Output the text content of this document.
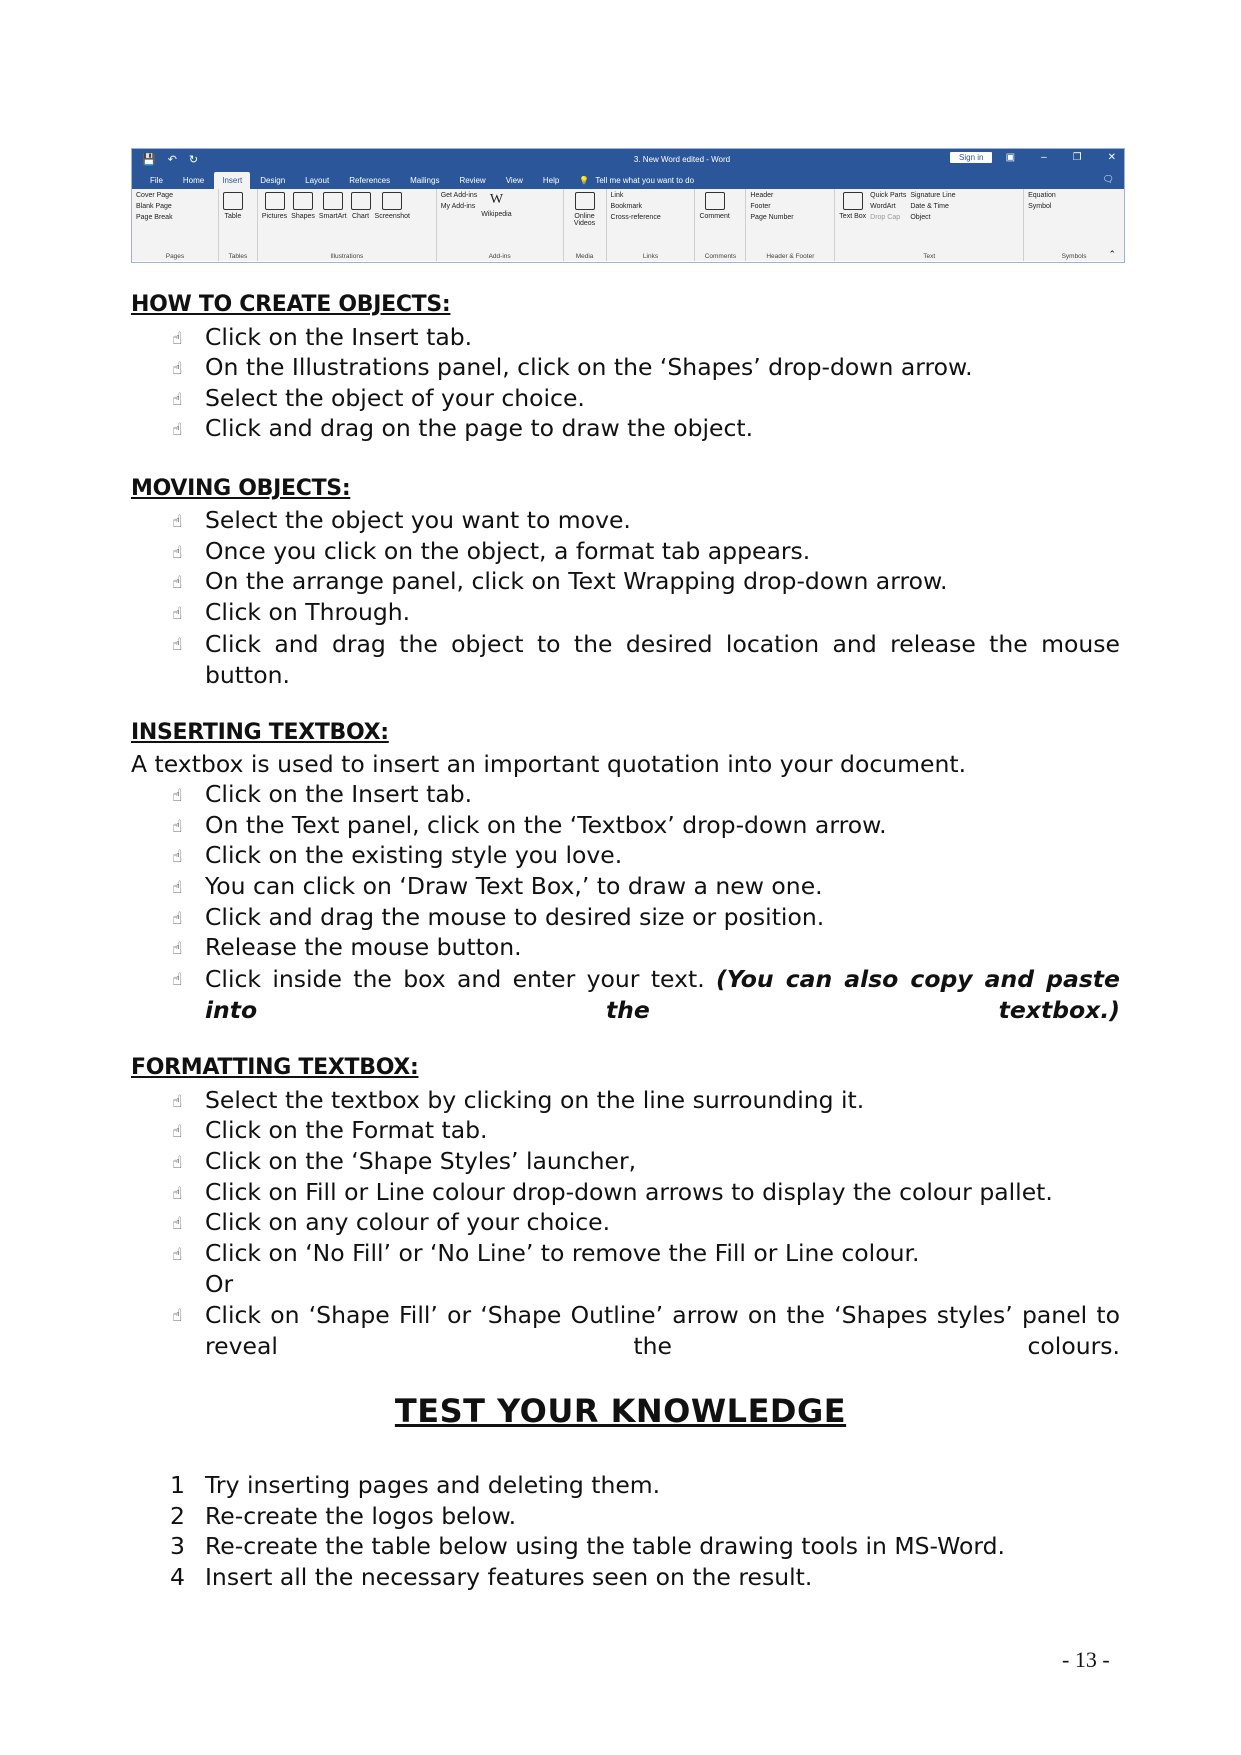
💾 ↶ ↻	3. New Word edited - Word	Sign in	▣	–	❐	✕
File	Home	Insert	Design	Layout	References	Mailings	Review	View	Help	💡 Tell me what you want to do	🗨
Cover Page
Blank Page
Page Break
Pages
Table
Tables
Pictures Shapes SmartArt Chart Screenshot
Illustrations
Get Add-ins
My Add-ins W
Wikipedia
Add-ins
Online Videos
Media
Link
Bookmark
Cross-reference
Links
Comment
Comments
Header
Footer
Page Number
Header & Footer
Text Box
Quick Parts
WordArt
Drop Cap
Signature Line
Date & Time
Object
Text
Equation
Symbol
Symbols	⌃
HOW TO CREATE OBJECTS:
☝ Click on the Insert tab.
☝ On the Illustrations panel, click on the ‘Shapes’ drop-down arrow.
☝ Select the object of your choice.
☝ Click and drag on the page to draw the object.
MOVING OBJECTS:
☝ Select the object you want to move.
☝ Once you click on the object, a format tab appears.
☝ On the arrange panel, click on Text Wrapping drop-down arrow.
☝ Click on Through.
☝ Click and drag the object to the desired location and release the mouse button.
INSERTING TEXTBOX:
A textbox is used to insert an important quotation into your document.
☝ Click on the Insert tab.
☝ On the Text panel, click on the ‘Textbox’ drop-down arrow.
☝ Click on the existing style you love.
☝ You can click on ‘Draw Text Box,’ to draw a new one.
☝ Click and drag the mouse to desired size or position.
☝ Release the mouse button.
☝ Click inside the box and enter your text. (You can also copy and paste into the textbox.)
FORMATTING TEXTBOX:
☝ Select the textbox by clicking on the line surrounding it.
☝ Click on the Format tab.
☝ Click on the ‘Shape Styles’ launcher,
☝ Click on Fill or Line colour drop-down arrows to display the colour pallet.
☝ Click on any colour of your choice.
☝ Click on ‘No Fill’ or ‘No Line’ to remove the Fill or Line colour.
Or
☝ Click on ‘Shape Fill’ or ‘Shape Outline’ arrow on the ‘Shapes styles’ panel to reveal the colours.
TEST YOUR KNOWLEDGE
1 Try inserting pages and deleting them.
2 Re-create the logos below.
3 Re-create the table below using the table drawing tools in MS-Word.
4 Insert all the necessary features seen on the result.
- 13 -
